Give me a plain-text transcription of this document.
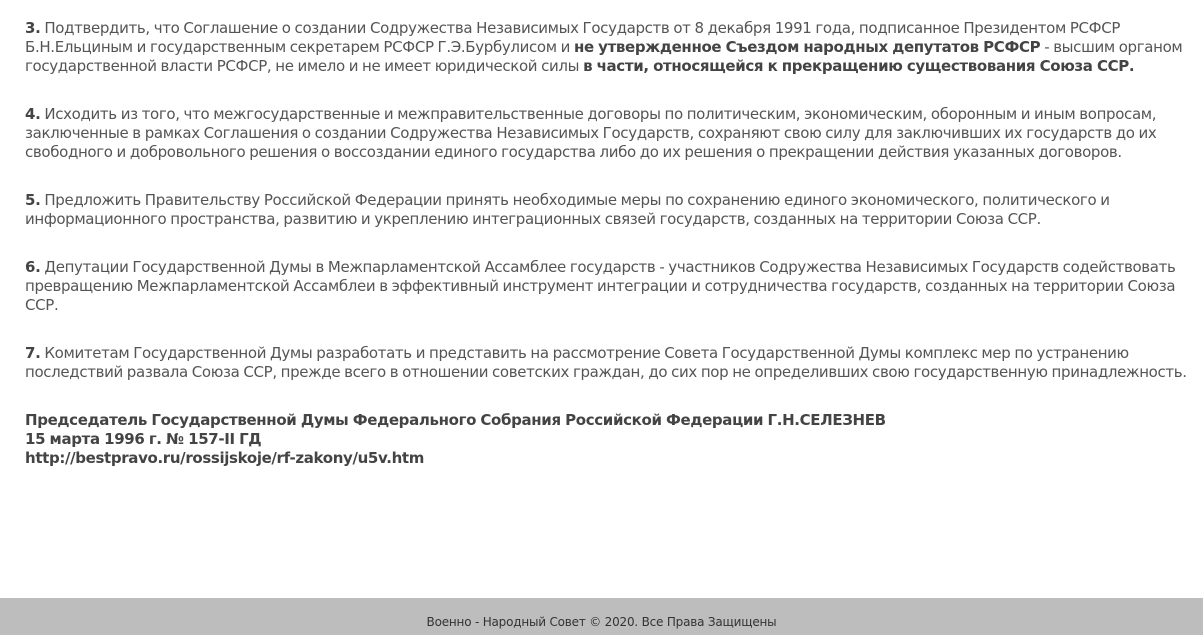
3. Подтвердить, что Соглашение о создании Содружества Независимых Государств от 8 декабря 1991 года, подписанное Президентом РСФСР Б.Н.Ельциным и государственным секретарем РСФСР Г.Э.Бурбулисом и не утвержденное Съездом народных депутатов РСФСР - высшим органом государственной власти РСФСР, не имело и не имеет юридической силы в части, относящейся к прекращению существования Союза ССР.

4. Исходить из того, что межгосударственные и межправительственные договоры по политическим, экономическим, оборонным и иным вопросам, заключенные в рамках Соглашения о создании Содружества Независимых Государств, сохраняют свою силу для заключивших их государств до их свободного и добровольного решения о воссоздании единого государства либо до их решения о прекращении действия указанных договоров.

5. Предложить Правительству Российской Федерации принять необходимые меры по сохранению единого экономического, политического и информационного пространства, развитию и укреплению интеграционных связей государств, созданных на территории Союза ССР.

6. Депутации Государственной Думы в Межпарламентской Ассамблее государств - участников Содружества Независимых Государств содействовать превращению Межпарламентской Ассамблеи в эффективный инструмент интеграции и сотрудничества государств, созданных на территории Союза ССР.

7. Комитетам Государственной Думы разработать и представить на рассмотрение Совета Государственной Думы комплекс мер по устранению последствий развала Союза ССР, прежде всего в отношении советских граждан, до сих пор не определивших свою государственную принадлежность.

Председатель Государственной Думы Федерального Собрания Российской Федерации Г.Н.СЕЛЕЗНЕВ
15 марта 1996 г. № 157-II ГД
http://bestpravo.ru/rossijskoje/rf-zakony/u5v.htm
Военно - Народный Совет © 2020. Все Права Защищены
